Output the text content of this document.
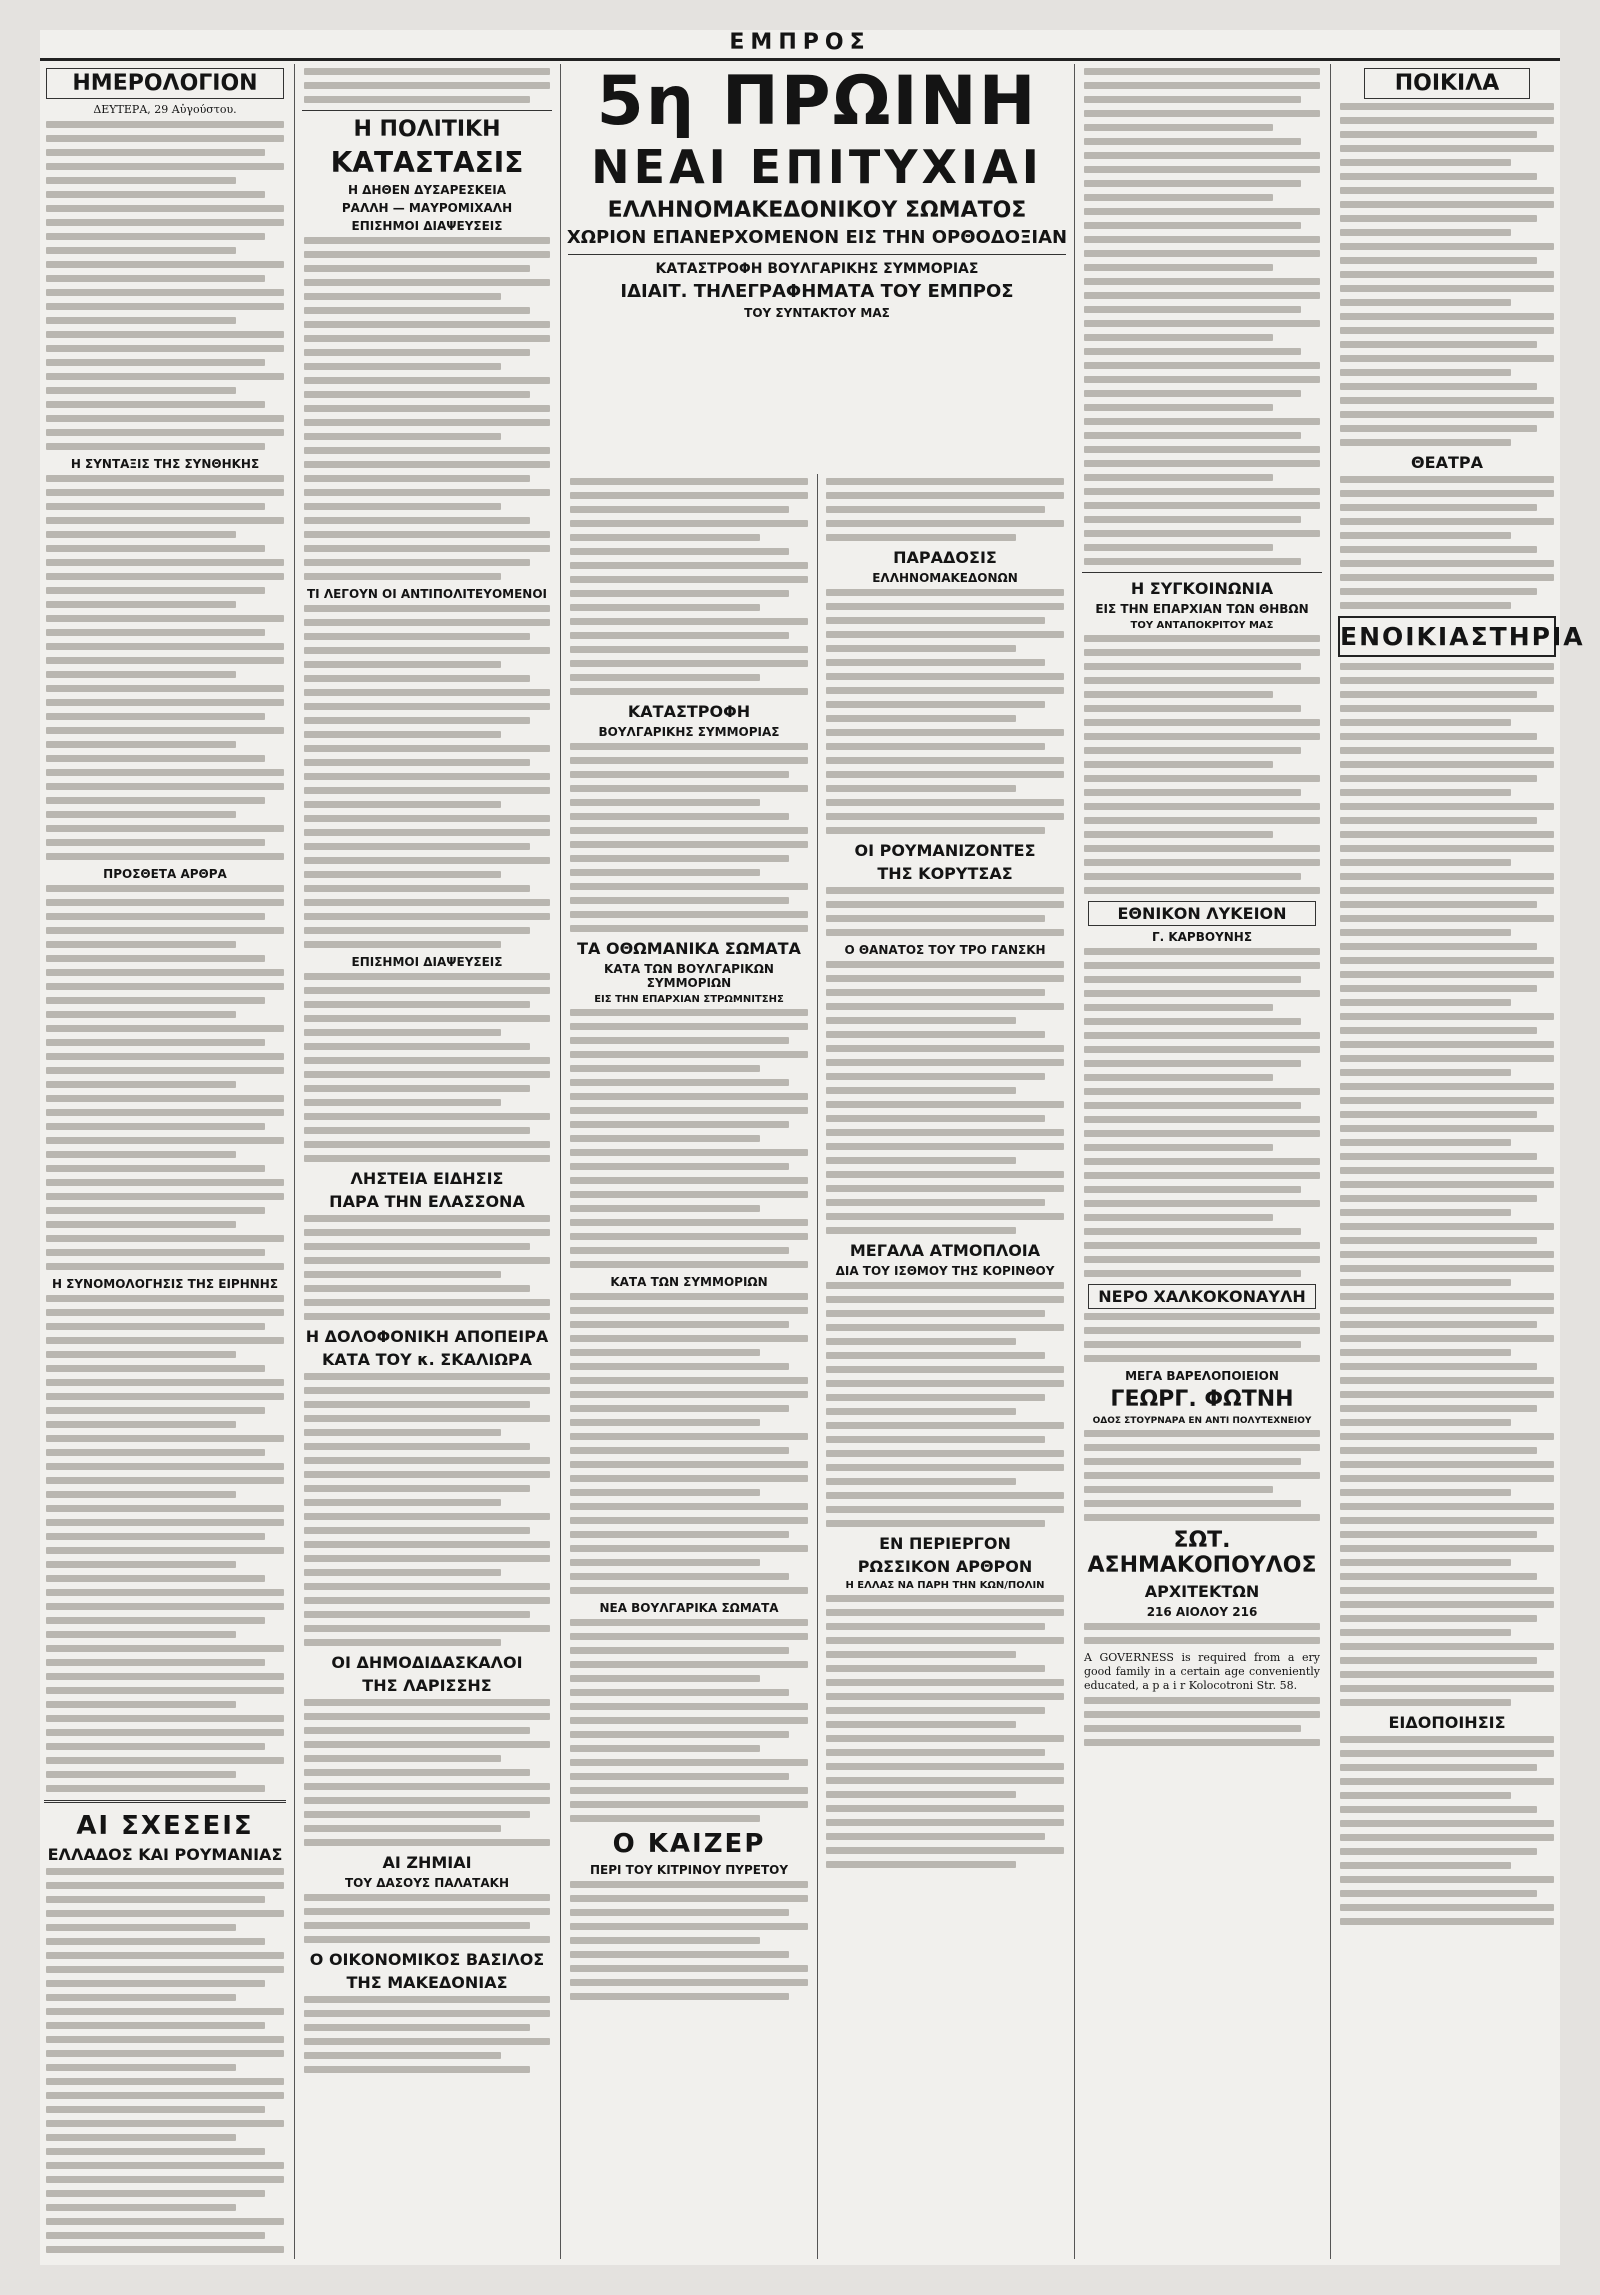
ΕΜΠΡΟΣ
ΗΜΕΡΟΛΟΓΙΟΝ
ΔΕΥΤΕΡΑ, 29 Αὐγούστου.
Η ΣΥΝΤΑΞΙΣ ΤΗΣ ΣΥΝΘΗΚΗΣ
ΠΡΟΣΘΕΤΑ ΑΡΘΡΑ
Η ΣΥΝΟΜΟΛΟΓΗΣΙΣ ΤΗΣ ΕΙΡΗΝΗΣ
ΑΙ ΣΧΕΣΕΙΣ
ΕΛΛΑΔΟΣ ΚΑΙ ΡΟΥΜΑΝΙΑΣ
Η ΠΟΛΙΤΙΚΗ
ΚΑΤΑΣΤΑΣΙΣ
Η ΔΗΘΕΝ ΔΥΣΑΡΕΣΚΕΙΑ
ΡΑΛΛΗ — ΜΑΥΡΟΜΙΧΑΛΗ
ΕΠΙΣΗΜΟΙ ΔΙΑΨΕΥΣΕΙΣ
ΤΙ ΛΕΓΟΥΝ ΟΙ ΑΝΤΙΠΟΛΙΤΕΥΟΜΕΝΟΙ
ΕΠΙΣΗΜΟΙ ΔΙΑΨΕΥΣΕΙΣ
ΛΗΣΤΕΙΑ ΕΙΔΗΣΙΣ
ΠΑΡΑ ΤΗΝ ΕΛΑΣΣΟΝΑ
Η ΔΟΛΟΦΟΝΙΚΗ ΑΠΟΠΕΙΡΑ
ΚΑΤΑ ΤΟΥ κ. ΣΚΑΛΙΩΡΑ
ΟΙ ΔΗΜΟΔΙΔΑΣΚΑΛΟΙ
ΤΗΣ ΛΑΡΙΣΣΗΣ
ΑΙ ΖΗΜΙΑΙ
ΤΟΥ ΔΑΣΟΥΣ ΠΑΛΑΤΑΚΗ
Ο ΟΙΚΟΝΟΜΙΚΟΣ ΒΑΣΙΛΟΣ
ΤΗΣ ΜΑΚΕΔΟΝΙΑΣ
5η ΠΡΩΙΝΗ
ΝΕΑΙ ΕΠΙΤΥΧΙΑΙ
ΕΛΛΗΝΟΜΑΚΕΔΟΝΙΚΟΥ ΣΩΜΑΤΟΣ
ΧΩΡΙΟΝ ΕΠΑΝΕΡΧΟΜΕΝΟΝ ΕΙΣ ΤΗΝ ΟΡΘΟΔΟΞΙΑΝ
ΚΑΤΑΣΤΡΟΦΗ ΒΟΥΛΓΑΡΙΚΗΣ ΣΥΜΜΟΡΙΑΣ
ΙΔΙΑΙΤ. ΤΗΛΕΓΡΑΦΗΜΑΤΑ ΤΟΥ ΕΜΠΡΟΣ
ΤΟΥ ΣΥΝΤΑΚΤΟΥ ΜΑΣ
ΚΑΤΑΣΤΡΟΦΗ
ΒΟΥΛΓΑΡΙΚΗΣ ΣΥΜΜΟΡΙΑΣ
ΤΑ ΟΘΩΜΑΝΙΚΑ ΣΩΜΑΤΑ
ΚΑΤΑ ΤΩΝ ΒΟΥΛΓΑΡΙΚΩΝ ΣΥΜΜΟΡΙΩΝ
ΕΙΣ ΤΗΝ ΕΠΑΡΧΙΑΝ ΣΤΡΩΜΝΙΤΣΗΣ
ΚΑΤΑ ΤΩΝ ΣΥΜΜΟΡΙΩΝ
ΝΕΑ ΒΟΥΛΓΑΡΙΚΑ ΣΩΜΑΤΑ
Ο ΚΑΙΖΕΡ
ΠΕΡΙ ΤΟΥ ΚΙΤΡΙΝΟΥ ΠΥΡΕΤΟΥ
ΠΑΡΑΔΟΣΙΣ
ΕΛΛΗΝΟΜΑΚΕΔΟΝΩΝ
ΟΙ ΡΟΥΜΑΝΙΖΟΝΤΕΣ
ΤΗΣ ΚΟΡΥΤΣΑΣ
Ο ΘΑΝΑΤΟΣ ΤΟΥ ΤΡΟ ΓΑΝΣΚΗ
ΜΕΓΑΛΑ ΑΤΜΟΠΛΟΙΑ
ΔΙΑ ΤΟΥ ΙΣΘΜΟΥ ΤΗΣ ΚΟΡΙΝΘΟΥ
ΕΝ ΠΕΡΙΕΡΓΟΝ
ΡΩΣΣΙΚΟΝ ΑΡΘΡΟΝ
Η ΕΛΛΑΣ ΝΑ ΠΑΡΗ ΤΗΝ ΚΩΝ/ΠΟΛΙΝ
Η ΣΥΓΚΟΙΝΩΝΙΑ
ΕΙΣ ΤΗΝ ΕΠΑΡΧΙΑΝ ΤΩΝ ΘΗΒΩΝ
ΤΟΥ ΑΝΤΑΠΟΚΡΙΤΟΥ ΜΑΣ
ΕΘΝΙΚΟΝ ΛΥΚΕΙΟΝ
Γ. ΚΑΡΒΟΥΝΗΣ
ΝΕΡΟ ΧΑΛΚΟΚΟΝΑΥΛΗ
ΜΕΓΑ ΒΑΡΕΛΟΠΟΙΕΙΟΝ
ΓΕΩΡΓ. ΦΩΤΝΗ
ΟΔΟΣ ΣΤΟΥΡΝΑΡΑ ΕΝ ΑΝΤΙ ΠΟΛΥΤΕΧΝΕΙΟΥ
ΣΩΤ. ΑΣΗΜΑΚΟΠΟΥΛΟΣ
ΑΡΧΙΤΕΚΤΩΝ
216 ΑΙΟΛΟΥ 216
A GOVERNESS is required from a ery good family in a certain age conveniently educated, a p a i r Kolocotroni Str. 58.
ΠΟΙΚΙΛΑ
ΘΕΑΤΡΑ
ΕΝΟΙΚΙΑΣΤΗΡΙΑ
ΕΙΔΟΠΟΙΗΣΙΣ
